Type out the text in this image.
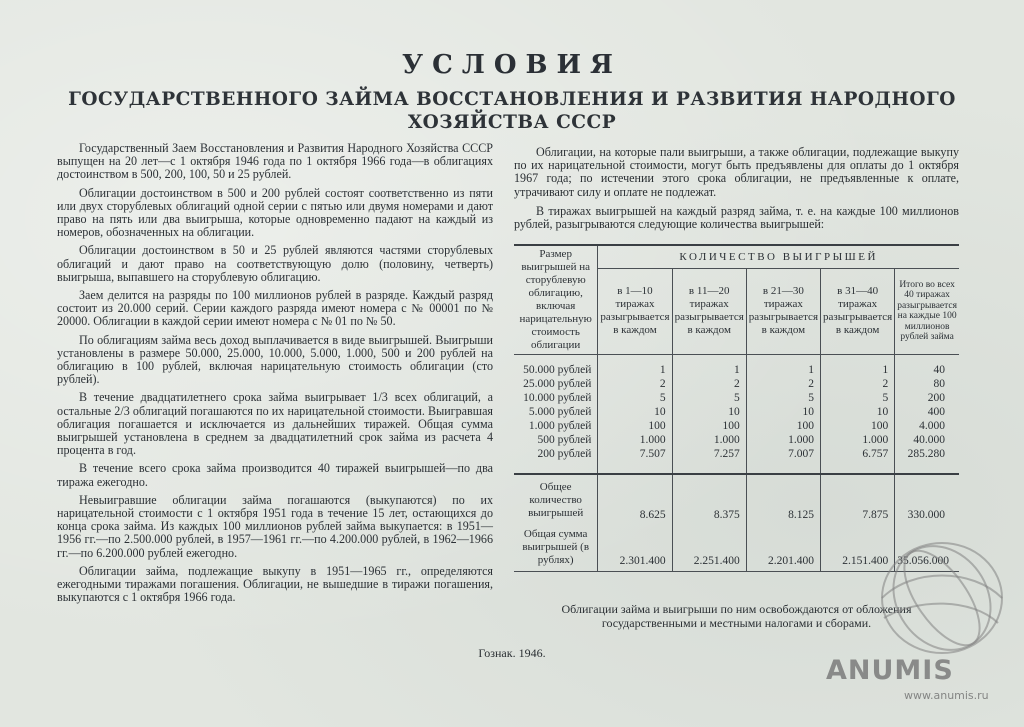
УСЛОВИЯ
ГОСУДАРСТВЕННОГО ЗАЙМА ВОССТАНОВЛЕНИЯ И РАЗВИТИЯ НАРОДНОГО
ХОЗЯЙСТВА СССР

Государственный Заем Восстановления и Развития Народного Хозяйства СССР выпущен на 20 лет—с 1 октября 1946 года по 1 октября 1966 года—в облигациях достоинством в 500, 200, 100, 50 и 25 рублей.

Облигации достоинством в 500 и 200 рублей состоят соответственно из пяти или двух сторублевых облигаций одной серии с пятью или двумя номерами и дают право на пять или два выигрыша, которые одновременно падают на каждый из номеров, обозначенных на облигации.

Облигации достоинством в 50 и 25 рублей являются частями сторублевых облигаций и дают право на соответствующую долю (половину, четверть) выигрыша, выпавшего на сторублевую облигацию.

Заем делится на разряды по 100 миллионов рублей в разряде. Каждый разряд состоит из 20.000 серий. Серии каждого разряда имеют номера с № 00001 по № 20000. Облигации в каждой серии имеют номера с № 01 по № 50.

По облигациям займа весь доход выплачивается в виде выигрышей. Выигрыши установлены в размере 50.000, 25.000, 10.000, 5.000, 1.000, 500 и 200 рублей на облигацию в 100 рублей, включая нарицательную стоимость облигации (сто рублей).

В течение двадцатилетнего срока займа выигрывает 1/3 всех облигаций, а остальные 2/3 облигаций погашаются по их нарицательной стоимости. Выигравшая облигация погашается и исключается из дальнейших тиражей. Общая сумма выигрышей установлена в среднем за двадцатилетний срок займа из расчета 4 процента в год.

В течение всего срока займа производится 40 тиражей выигрышей—по два тиража ежегодно.

Невыигравшие облигации займа погашаются (выкупаются) по их нарицательной стоимости с 1 октября 1951 года в течение 15 лет, остающихся до конца срока займа. Из каждых 100 миллионов рублей займа выкупается: в 1951—1956 гг.—по 2.500.000 рублей, в 1957—1961 гг.—по 4.200.000 рублей, в 1962—1966 гг.—по 6.200.000 рублей ежегодно.

Облигации займа, подлежащие выкупу в 1951—1965 гг., определяются ежегодными тиражами погашения. Облигации, не вышедшие в тиражи погашения, выкупаются с 1 октября 1966 года.

Облигации, на которые пали выигрыши, а также облигации, подлежащие выкупу по их нарицательной стоимости, могут быть предъявлены для оплаты до 1 октября 1967 года; по истечении этого срока облигации, не предъявленные к оплате, утрачивают силу и оплате не подлежат.

В тиражах выигрышей на каждый разряд займа, т. е. на каждые 100 миллионов рублей, разыгрываются следующие количества выигрышей:

Размер выигрышей на сторублевую облигацию, включая нарицательную стоимость облигации	КОЛИЧЕСТВО ВЫИГРЫШЕЙ				
	в 1—10 тиражах разыгрывается в каждом	в 11—20 тиражах разыгрывается в каждом	в 21—30 тиражах разыгрывается в каждом	в 31—40 тиражах разыгрывается в каждом	Итого во всех 40 тиражах разыгрывается на каждые 100 миллионов рублей займа

50.000 рублей	1	1	1	1	40
25.000 рублей	2	2	2	2	80
10.000 рублей	5	5	5	5	200
5.000 рублей	10	10	10	10	400
1.000 рублей	100	100	100	100	4.000
500 рублей	1.000	1.000	1.000	1.000	40.000
200 рублей	7.507	7.257	7.007	6.757	285.280

Общее количество выигрышей	8.625	8.375	8.125	7.875	330.000
Общая сумма выигрышей (в рублях)	2.301.400	2.251.400	2.201.400	2.151.400	35.056.000
Облигации займа и выигрыши по ним освобождаются от обложения государственными и местными налогами и сборами.
Гознак. 1946.
ANUMIS
www.anumis.ru
